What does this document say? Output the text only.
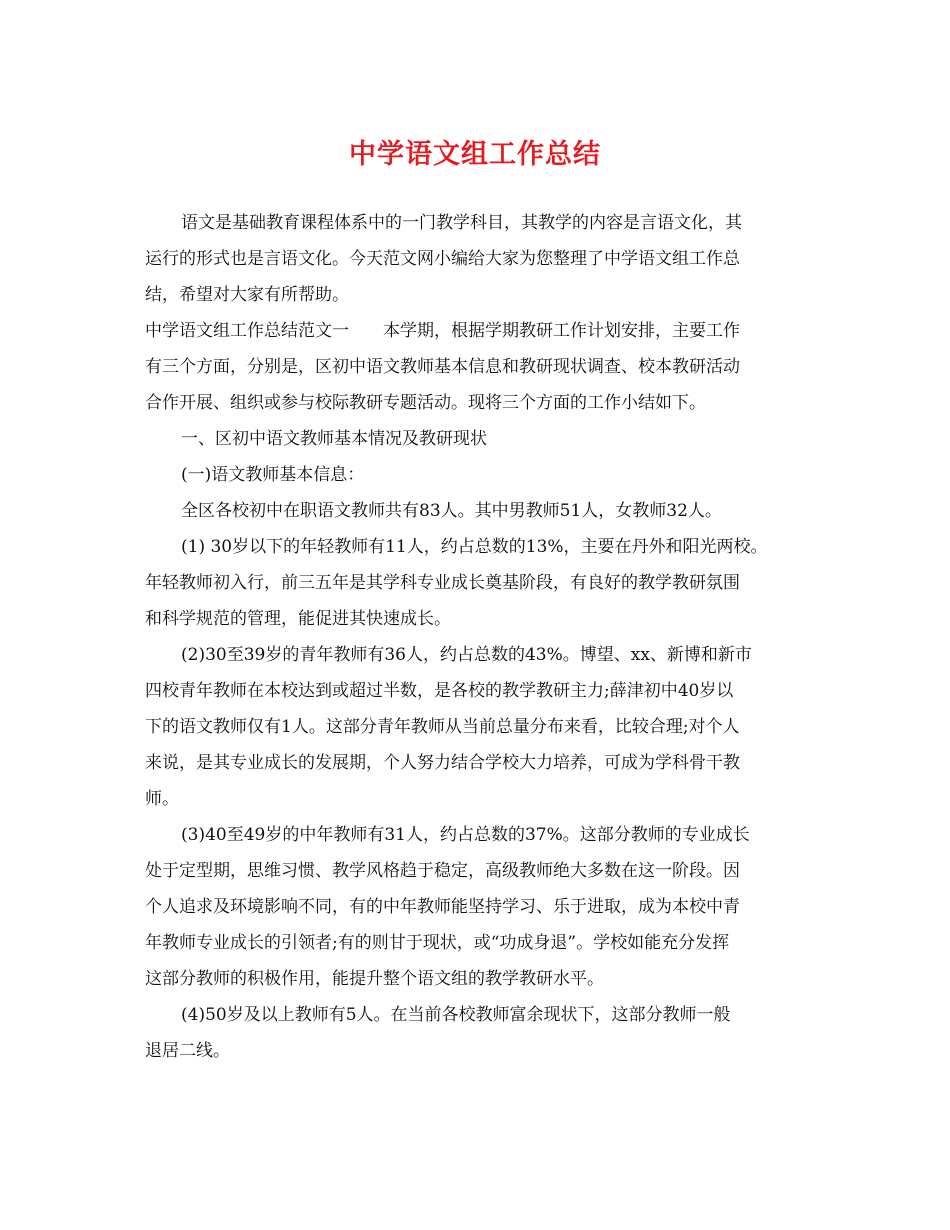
中学语文组工作总结
语文是基础教育课程体系中的一门教学科目，其教学的内容是言语文化，其
运行的形式也是言语文化。今天范文网小编给大家为您整理了中学语文组工作总
结，希望对大家有所帮助。
中学语文组工作总结范文一　　本学期，根据学期教研工作计划安排，主要工作
有三个方面，分别是，区初中语文教师基本信息和教研现状调查、校本教研活动
合作开展、组织或参与校际教研专题活动。现将三个方面的工作小结如下。
一、区初中语文教师基本情况及教研现状
(一)语文教师基本信息：
全区各校初中在职语文教师共有83人。其中男教师51人，女教师32人。
(1) 30岁以下的年轻教师有11人，约占总数的13%，主要在丹外和阳光两校。
年轻教师初入行，前三五年是其学科专业成长奠基阶段，有良好的教学教研氛围
和科学规范的管理，能促进其快速成长。
(2)30至39岁的青年教师有36人，约占总数的43%。博望、xx、新博和新市
四校青年教师在本校达到或超过半数，是各校的教学教研主力;薛津初中40岁以
下的语文教师仅有1人。这部分青年教师从当前总量分布来看，比较合理;对个人
来说，是其专业成长的发展期，个人努力结合学校大力培养，可成为学科骨干教
师。
(3)40至49岁的中年教师有31人，约占总数的37%。这部分教师的专业成长
处于定型期，思维习惯、教学风格趋于稳定，高级教师绝大多数在这一阶段。因
个人追求及环境影响不同，有的中年教师能坚持学习、乐于进取，成为本校中青
年教师专业成长的引领者;有的则甘于现状，或“功成身退”。学校如能充分发挥
这部分教师的积极作用，能提升整个语文组的教学教研水平。
(4)50岁及以上教师有5人。在当前各校教师富余现状下，这部分教师一般
退居二线。
